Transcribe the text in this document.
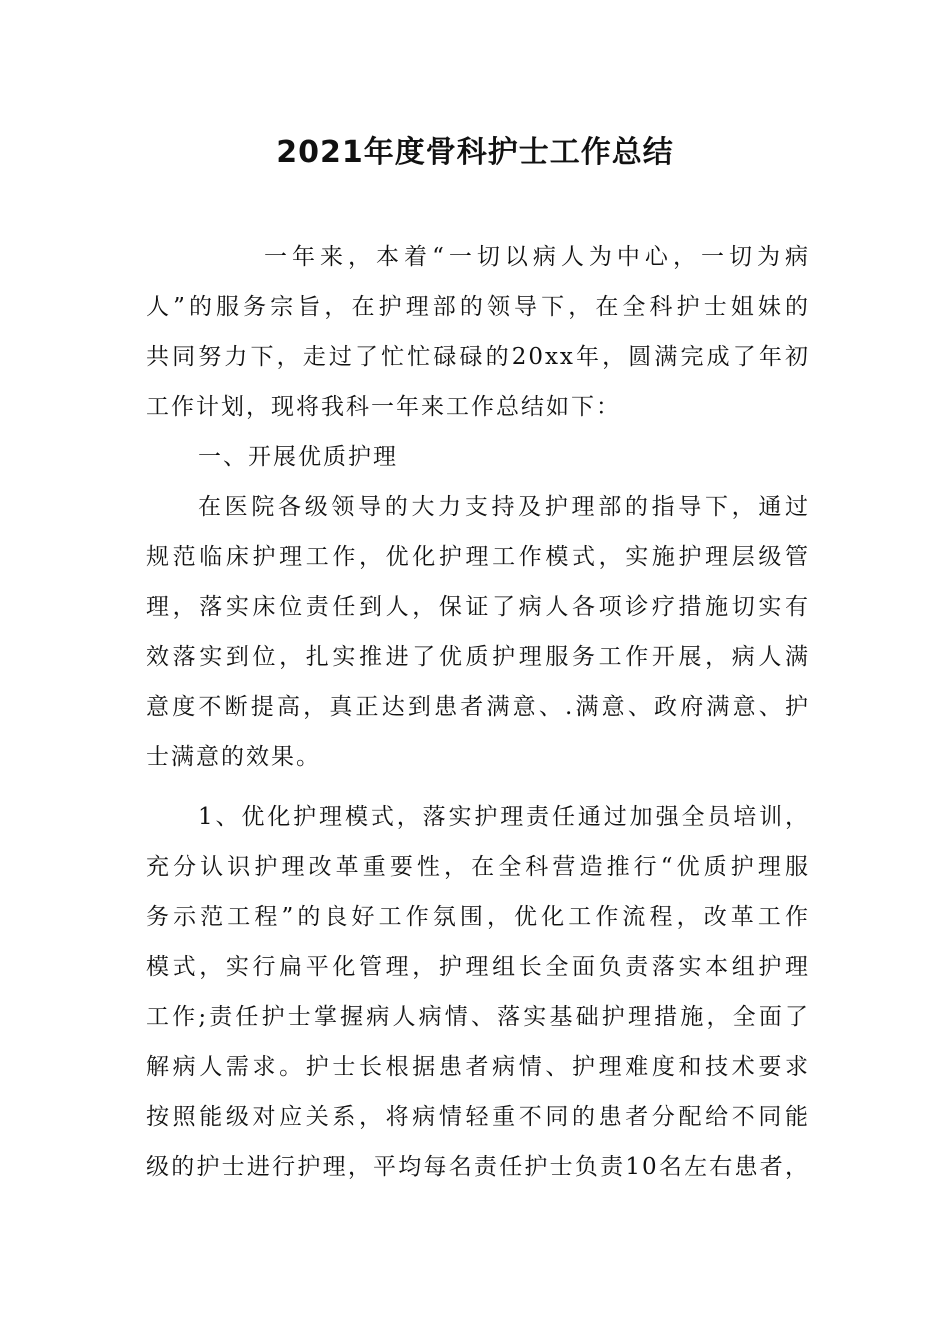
2021年度骨科护士工作总结
一年来，本着“一切以病人为中心，一切为病
人”的服务宗旨，在护理部的领导下，在全科护士姐妹的
共同努力下，走过了忙忙碌碌的20xx年，圆满完成了年初
工作计划，现将我科一年来工作总结如下：
一、开展优质护理
在医院各级领导的大力支持及护理部的指导下，通过
规范临床护理工作，优化护理工作模式，实施护理层级管
理，落实床位责任到人，保证了病人各项诊疗措施切实有
效落实到位，扎实推进了优质护理服务工作开展，病人满
意度不断提高，真正达到患者满意、.满意、政府满意、护
士满意的效果。
1、优化护理模式，落实护理责任通过加强全员培训，
充分认识护理改革重要性，在全科营造推行“优质护理服
务示范工程”的良好工作氛围，优化工作流程，改革工作
模式，实行扁平化管理，护理组长全面负责落实本组护理
工作;责任护士掌握病人病情、落实基础护理措施，全面了
解病人需求。护士长根据患者病情、护理难度和技术要求
按照能级对应关系，将病情轻重不同的患者分配给不同能
级的护士进行护理，平均每名责任护士负责10名左右患者，
